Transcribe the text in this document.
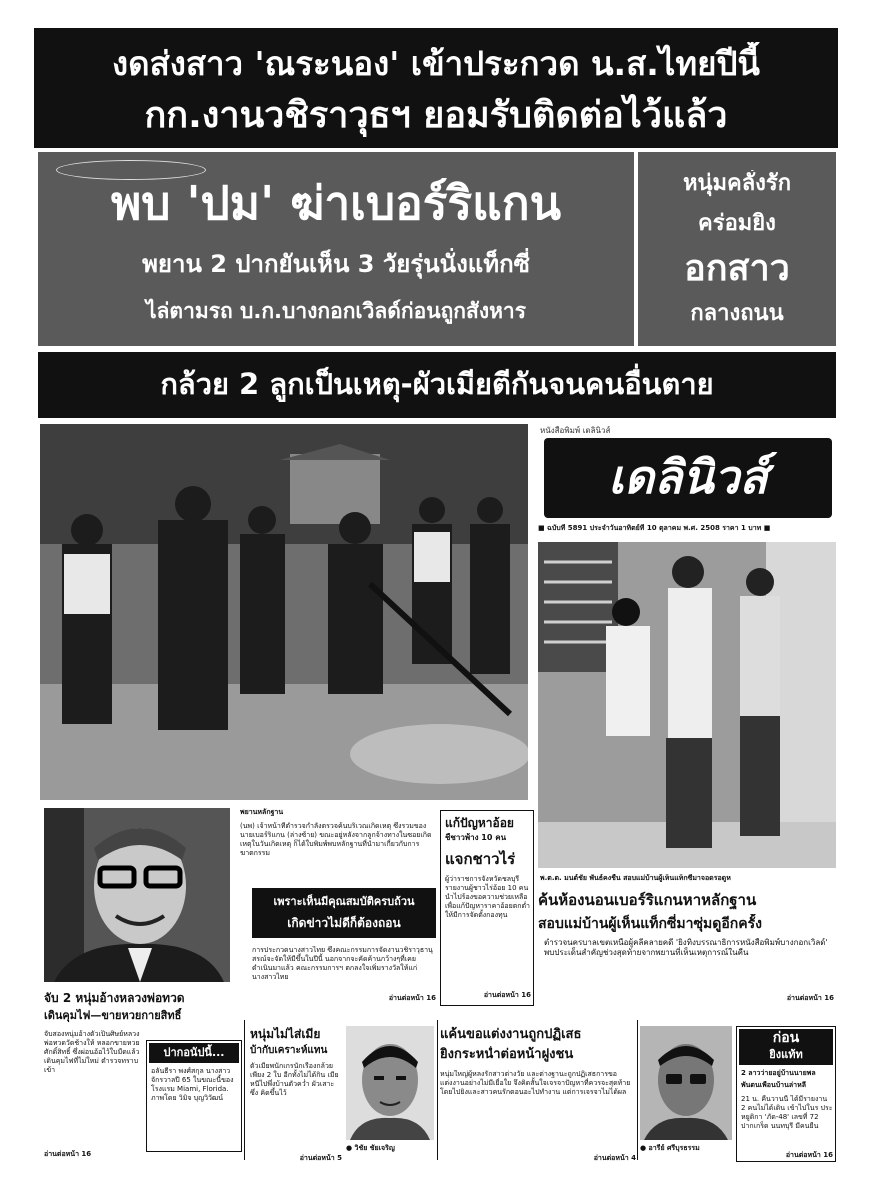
งดส่งสาว 'ณระนอง' เข้าประกวด น.ส.ไทยปีนี้
กก.งานวชิราวุธฯ ยอมรับติดต่อไว้แล้ว
พบ 'ปม' ฆ่าเบอร์ริแกน
พยาน 2 ปากยันเห็น 3 วัยรุ่นนั่งแท็กซี่
ไล่ตามรถ บ.ก.บางกอกเวิลด์ก่อนถูกสังหาร
หนุ่มคลั่งรัก
คร่อมยิง
อกสาว
กลางถนน
กล้วย 2 ลูกเป็นเหตุ-ผัวเมียตีกันจนคนอื่นตาย
หนังสือพิมพ์ เดลินิวส์
เดลินิวส์
■ ฉบับที่ 5891 ประจำวันอาทิตย์ที่ 10 ตุลาคม พ.ศ. 2508 ราคา 1 บาท ■
พ.ต.ต. มนต์ชัย พันธ์คงชื่น สอบแม่บ้านผู้เห็นแท็กซี่มาจอดรอดูห
พยานหลักฐาน
(นพ) เจ้าหน้าที่ตำรวจกำลังตรวจค้นบริเวณเกิดเหตุ ซึ่งรวมของนายเบอร์ริแกน (ล่างซ้าย) ขณะอยู่หลังจากลูกจ้างทางในซอยเกิดเหตุในวันเกิดเหตุ ก็ได้ใบพิมพ์พบหลักฐานที่นำมาเกี่ยวกับการฆาตกรรม
เพราะเห็นมีคุณสมบัติครบถ้วน
เกิดข่าวไม่ดีก็ต้องถอน
การประกวดนางสาวไทย ซึ่งคณะกรรมการจัดงานวชิราวุธานุสรณ์จะจัดให้มีขึ้นในปีนี้ นอกจากจะคัดค้านกว้างๆที่เคยดำเนินมาแล้ว คณะกรรมการฯ ตกลงใจเพิ่มรางวัลให้แก่นางสาวไทย
อ่านต่อหน้า 16
แก้ปัญหาอ้อย
ชี้ชาวพ้าง 10 คน
แจกชาวไร่
ผู้ว่าราชการจังหวัดชลบุรีรายงานผู้ชาวไร่อ้อย 10 คนนำไปร้องขอความช่วยเหลือ เพื่อแก้ปัญหาราคาอ้อยตกต่ำ ให้มีการจัดตั้งกองทุน
อ่านต่อหน้า 16
ค้นห้องนอนเบอร์ริแกนหาหลักฐาน
สอบแม่บ้านผู้เห็นแท็กซี่มาซุ่มดูอีกครั้ง
ตำรวจนครบาลเขตเหนือผู้คลี่คลายคดี 'ยิงทิ้งบรรณาธิการหนังสือพิมพ์บางกอกเวิลด์' พบประเด็นสำคัญช่วงสุดท้ายจากพยานที่เห็นเหตุการณ์ในคืน
อ่านต่อหน้า 16
จับ 2 หนุ่มอ้างหลวงพ่อทวด
เดินคุมไฟ—ขายหวยกายสิทธิ์
จับสองหนุ่มอ้างตัวเป็นศิษย์หลวงพ่อทวดวัดช้างให้ หลอกขายหวยศักดิ์สิทธิ์ ซึ่งผ่อนอ้อไว้ใบมืดแล้ว เดินคุมไฟที่ไม่ใหม่ ตำรวจทราบเข้า
อ่านต่อหน้า 16
ปากอนัปนี้...
อลันธีรา พงศ์สกุล นางสาวจักรวาลปี 65 ในขณะนี้ของโรงแรม Miami, Florida. ภาพโดย วิมิจ บุญวิวัฒน์
หนุ่มไม่ไส่เมีย
บ้ากับเคราะห์แทน
ตัวเมียพนักเกรนักเรื่องกล้วยเพียง 2 ใบ อีกทั้งไม่ได้กิน เมียหนีไปพึ่งบ้านตัวคว่ำ ผัวเสาะซึ่ง คิดขึ้นไว้
อ่านต่อหน้า 5
● วิชัย ชัยเจริญ
แค้นขอแต่งงานถูกปฏิเสธ
ยิงกระหน่ำต่อหน้าฝูงชน
หนุ่มใหญ่ผู้หลงรักสาวต่างวัย และต่างฐานะถูกปฏิเสธการขอแต่งงานอย่างไม่มีเยื่อใย จึงคิดสั้นใจเจรจาปัญหาที่ควรจะสุดท้าย โดยไปยิงและสาวคนรักตอนอะไปทำงาน แต่การเจรจาไม่ได้ผล
อ่านต่อหน้า 4
● อารีย์ ศรีบุรธรรม
ก่อน
ยิงแท้ท
2 ลาวว่ายอยู่บ้านนายพล
พันตนเพื่อนบ้านล่าหลี
21 น. คืนวานนี้ ได้มีรายงาน 2 คนไม่ได้เดิน เข้าไปในร ประหยูดิกา 'ภัด-48' เลขที่ 72 ปากเกร็ด นนทบุรี มีคนยืน
อ่านต่อหน้า 16
